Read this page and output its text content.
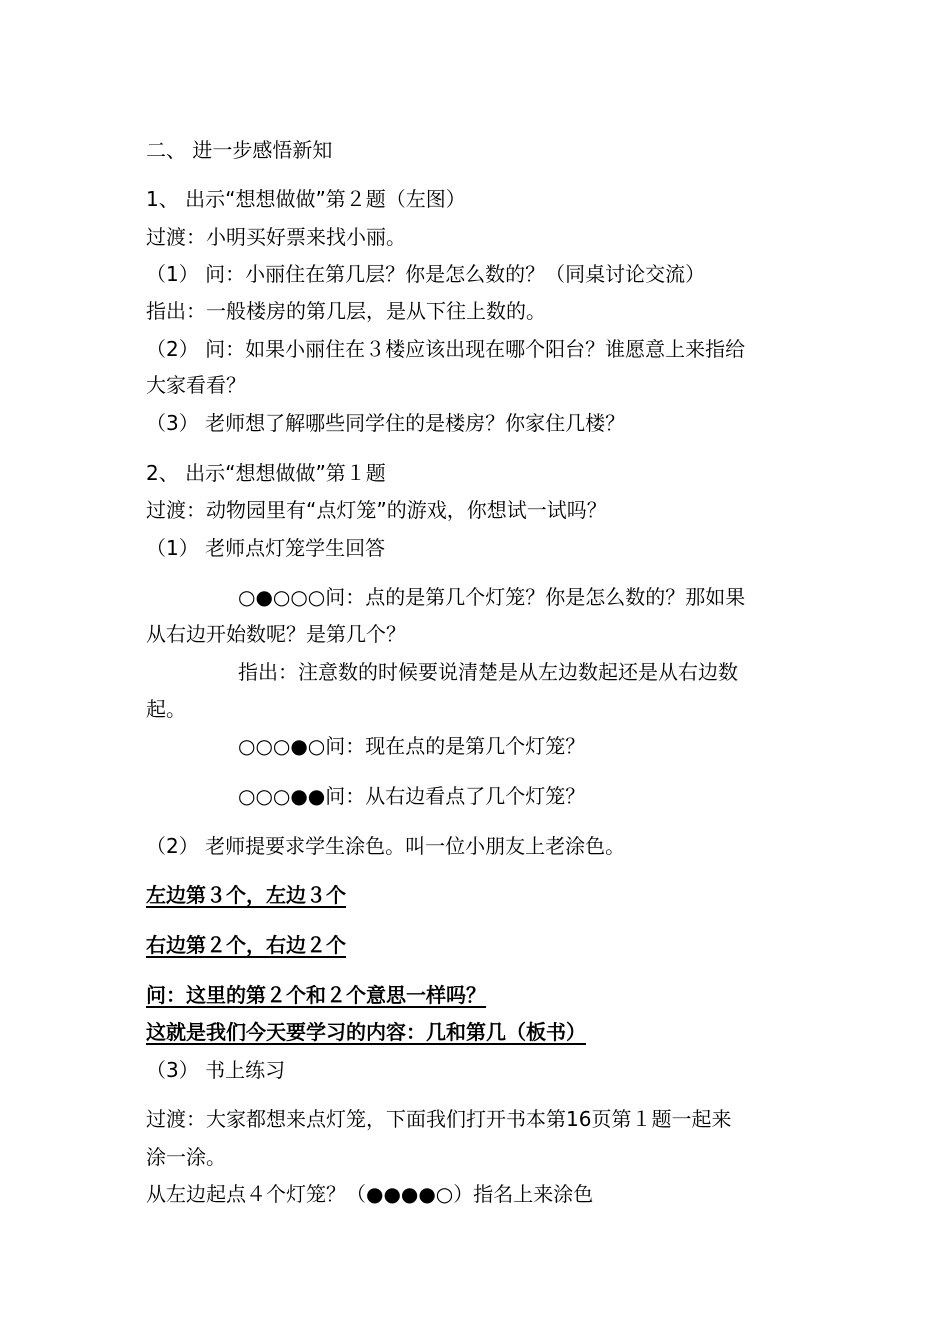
二、 进一步感悟新知

1、 出示“想想做做”第２题（左图）

过渡：小明买好票来找小丽。

（1） 问：小丽住在第几层？你是怎么数的？（同桌讨论交流）

指出：一般楼房的第几层，是从下往上数的。

（2） 问：如果小丽住在３楼应该出现在哪个阳台？谁愿意上来指给

大家看看？

（3） 老师想了解哪些同学住的是楼房？你家住几楼？

2、 出示“想想做做”第１题

过渡：动物园里有“点灯笼”的游戏，你想试一试吗？

（1） 老师点灯笼学生回答

○●○○○问：点的是第几个灯笼？你是怎么数的？那如果

从右边开始数呢？是第几个？

指出：注意数的时候要说清楚是从左边数起还是从右边数

起。

○○○●○问：现在点的是第几个灯笼？

○○○●●问：从右边看点了几个灯笼？

（2） 老师提要求学生涂色。叫一位小朋友上老涂色。

左边第３个，左边３个

右边第２个，右边２个

问：这里的第２个和２个意思一样吗？

这就是我们今天要学习的内容：几和第几（板书）

（3） 书上练习

过渡：大家都想来点灯笼，下面我们打开书本第16页第１题一起来

涂一涂。

从左边起点４个灯笼？（●●●●○）指名上来涂色
